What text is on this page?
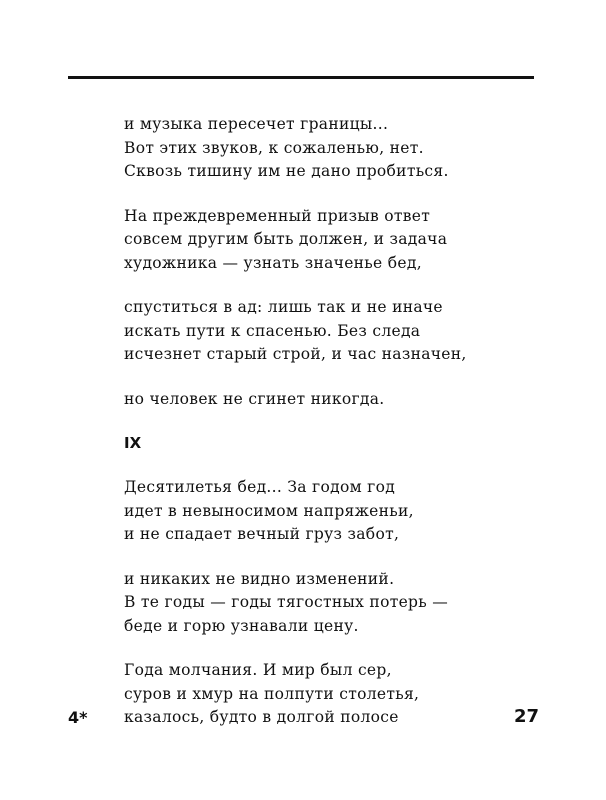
и музыка пересечет границы...
Вот этих звуков, к сожаленью, нет.
Сквозь тишину им не дано пробиться.
На преждевременный призыв ответ
совсем другим быть должен, и задача
художника — узнать значенье бед,
спуститься в ад: лишь так и не иначе
искать пути к спасенью. Без следа
исчезнет старый строй, и час назначен,
но человек не сгинет никогда.
IX
Десятилетья бед... За годом год
идет в невыносимом напряженьи,
и не спадает вечный груз забот,
и никаких не видно изменений.
В те годы — годы тягостных потерь —
беде и горю узнавали цену.
Года молчания. И мир был сер,
суров и хмур на полпути столетья,
казалось, будто в долгой полосе
4*	27
